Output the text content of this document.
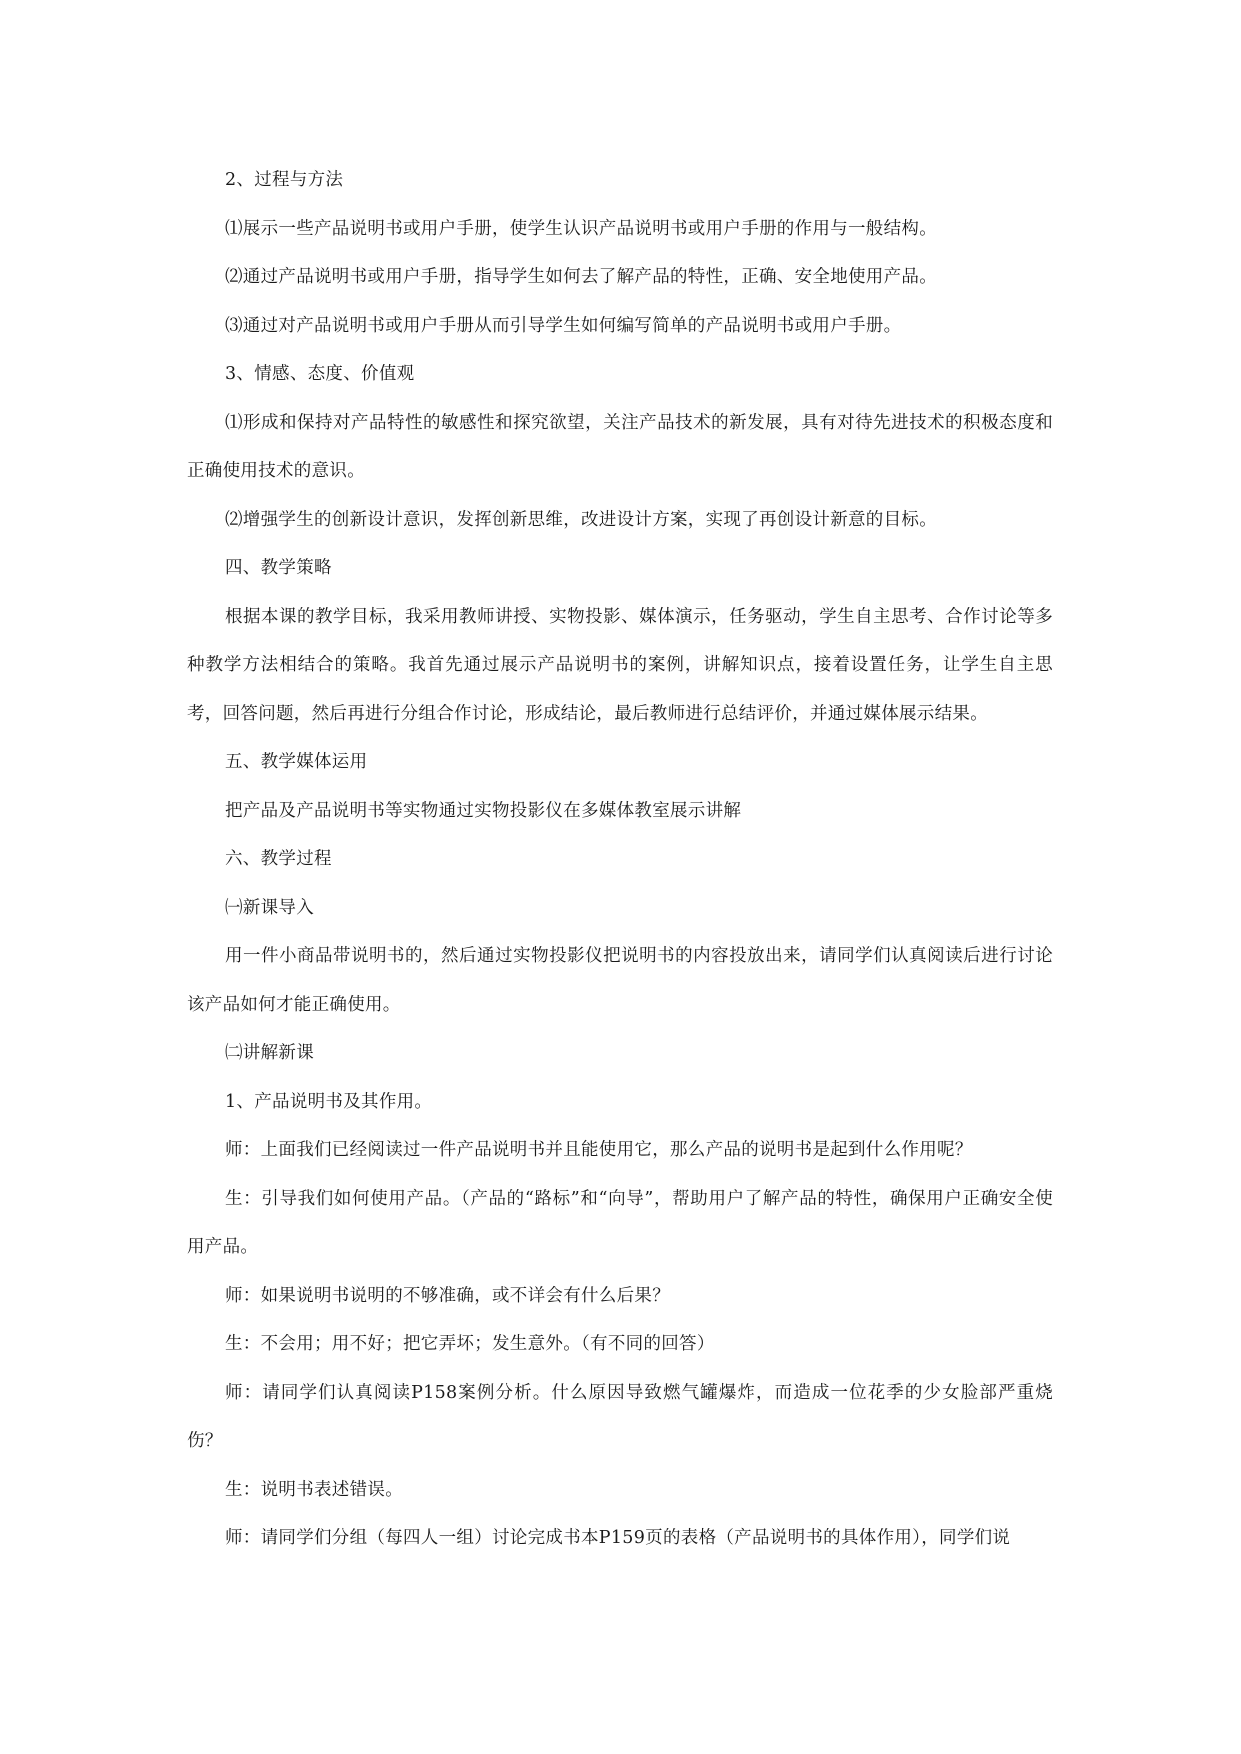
2、过程与方法

⑴展示一些产品说明书或用户手册，使学生认识产品说明书或用户手册的作用与一般结构。

⑵通过产品说明书或用户手册，指导学生如何去了解产品的特性，正确、安全地使用产品。

⑶通过对产品说明书或用户手册从而引导学生如何编写简单的产品说明书或用户手册。

3、情感、态度、价值观

⑴形成和保持对产品特性的敏感性和探究欲望，关注产品技术的新发展，具有对待先进技术的积极态度和正确使用技术的意识。

⑵增强学生的创新设计意识，发挥创新思维，改进设计方案，实现了再创设计新意的目标。

四、教学策略

根据本课的教学目标，我采用教师讲授、实物投影、媒体演示，任务驱动，学生自主思考、合作讨论等多种教学方法相结合的策略。我首先通过展示产品说明书的案例，讲解知识点，接着设置任务，让学生自主思考，回答问题，然后再进行分组合作讨论，形成结论，最后教师进行总结评价，并通过媒体展示结果。

五、教学媒体运用

把产品及产品说明书等实物通过实物投影仪在多媒体教室展示讲解

六、教学过程

㈠新课导入

用一件小商品带说明书的，然后通过实物投影仪把说明书的内容投放出来，请同学们认真阅读后进行讨论该产品如何才能正确使用。

㈡讲解新课

1、产品说明书及其作用。

师：上面我们已经阅读过一件产品说明书并且能使用它，那么产品的说明书是起到什么作用呢？

生：引导我们如何使用产品。（产品的“路标”和“向导”，帮助用户了解产品的特性，确保用户正确安全使用产品。

师：如果说明书说明的不够准确，或不详会有什么后果？

生：不会用；用不好；把它弄坏；发生意外。（有不同的回答）

师：请同学们认真阅读P158案例分析。什么原因导致燃气罐爆炸，而造成一位花季的少女脸部严重烧伤？

生：说明书表述错误。

师：请同学们分组（每四人一组）讨论完成书本P159页的表格（产品说明书的具体作用），同学们说
